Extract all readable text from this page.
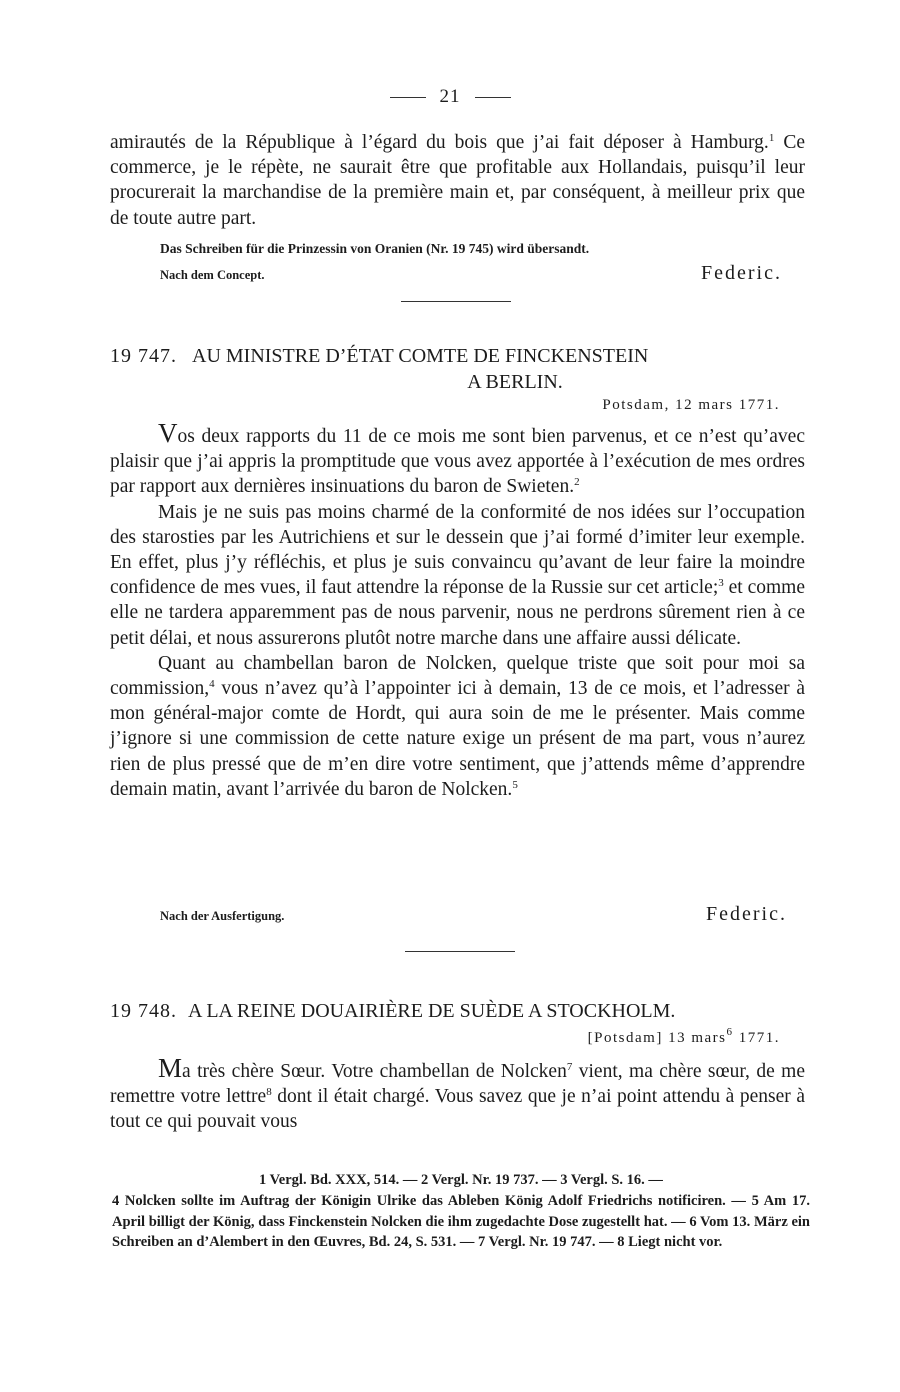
21

amirautés de la République à l’égard du bois que j’ai fait déposer à Hamburg.$^1$ Ce commerce, je le répète, ne saurait être que profitable aux Hollandais, puisqu’il leur procurerait la marchandise de la première main et, par conséquent, à meilleur prix que de toute autre part.

Das Schreiben für die Prinzessin von Oranien (Nr. 19 745) wird übersandt.
Nach dem Concept.	Federic.
19 747. AU MINISTRE D’ÉTAT COMTE DE FINCKENSTEIN
A BERLIN.
Potsdam, 12 mars 1771.

Vos deux rapports du 11 de ce mois me sont bien parvenus, et ce n’est qu’avec plaisir que j’ai appris la promptitude que vous avez apportée à l’exécution de mes ordres par rapport aux dernières insinuations du baron de Swieten.$^2$

Mais je ne suis pas moins charmé de la conformité de nos idées sur l’occupation des starosties par les Autrichiens et sur le dessein que j’ai formé d’imiter leur exemple. En effet, plus j’y réfléchis, et plus je suis convaincu qu’avant de leur faire la moindre confidence de mes vues, il faut attendre la réponse de la Russie sur cet article;$^3$ et comme elle ne tardera apparemment pas de nous parvenir, nous ne perdrons sûrement rien à ce petit délai, et nous assurerons plutôt notre marche dans une affaire aussi délicate.

Quant au chambellan baron de Nolcken, quelque triste que soit pour moi sa commission,$^4$ vous n’avez qu’à l’appointer ici à demain, 13 de ce mois, et l’adresser à mon général-major comte de Hordt, qui aura soin de me le présenter. Mais comme j’ignore si une commission de cette nature exige un présent de ma part, vous n’aurez rien de plus pressé que de m’en dire votre sentiment, que j’attends même d’apprendre demain matin, avant l’arrivée du baron de Nolcken.$^5$

Nach der Ausfertigung.	Federic.
19 748. A LA REINE DOUAIRIÈRE DE SUÈDE A STOCKHOLM.
[Potsdam] 13 mars$^6$ 1771.

Ma très chère Sœur. Votre chambellan de Nolcken$^7$ vient, ma chère sœur, de me remettre votre lettre$^8$ dont il était chargé. Vous savez que je n’ai point attendu à penser à tout ce qui pouvait vous

1 Vergl. Bd. XXX, 514. — 2 Vergl. Nr. 19 737. — 3 Vergl. S. 16. —

4 Nolcken sollte im Auftrag der Königin Ulrike das Ableben König Adolf Friedrichs notificiren. — 5 Am 17. April billigt der König, dass Finckenstein Nolcken die ihm zugedachte Dose zugestellt hat. — 6 Vom 13. März ein Schreiben an d’Alembert in den Œuvres, Bd. 24, S. 531. — 7 Vergl. Nr. 19 747. — 8 Liegt nicht vor.
